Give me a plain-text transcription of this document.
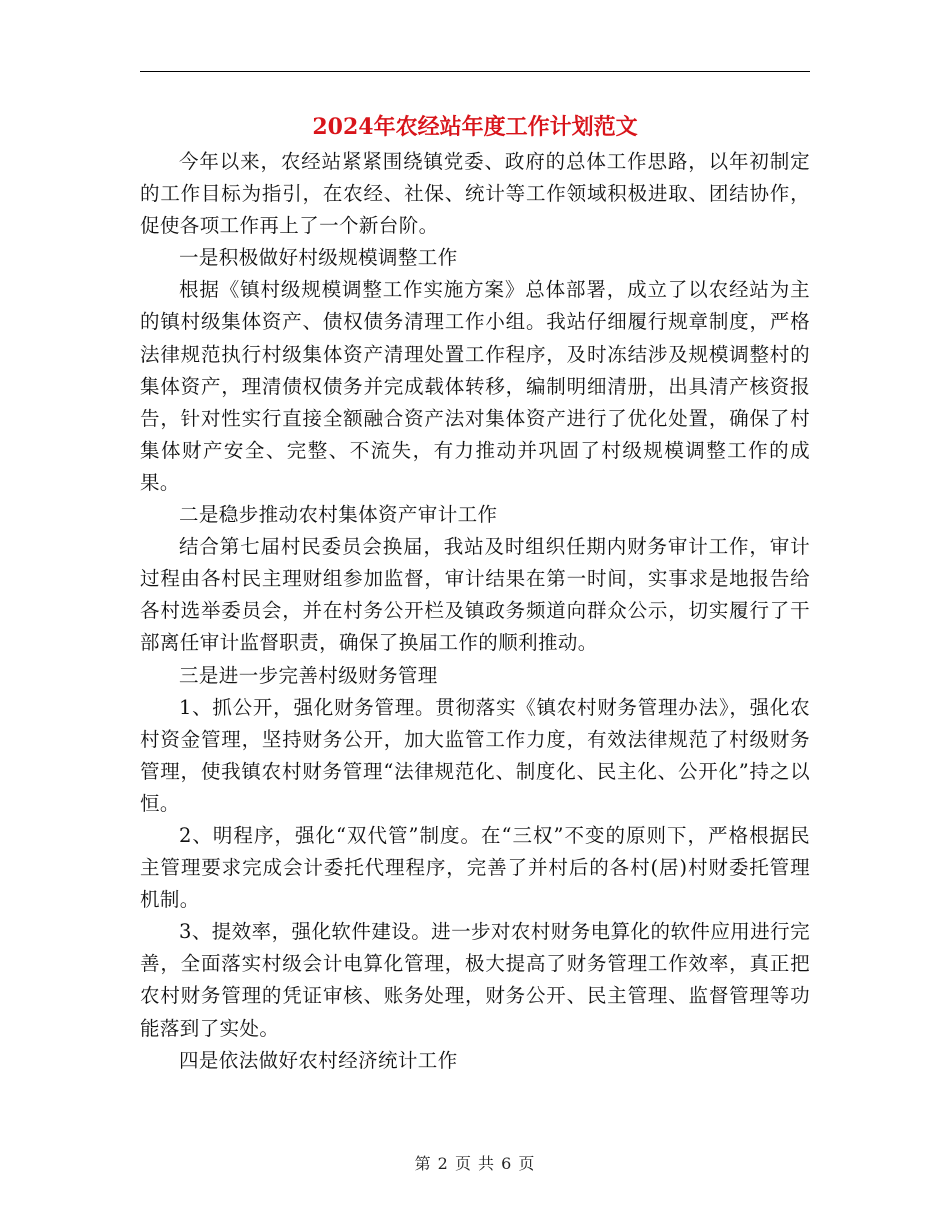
2024年农经站年度工作计划范文

今年以来，农经站紧紧围绕镇党委、政府的总体工作思路，以年初制定的工作目标为指引，在农经、社保、统计等工作领域积极进取、团结协作，促使各项工作再上了一个新台阶。

一是积极做好村级规模调整工作

根据《镇村级规模调整工作实施方案》总体部署，成立了以农经站为主的镇村级集体资产、债权债务清理工作小组。我站仔细履行规章制度，严格法律规范执行村级集体资产清理处置工作程序，及时冻结涉及规模调整村的集体资产，理清债权债务并完成载体转移，编制明细清册，出具清产核资报告，针对性实行直接全额融合资产法对集体资产进行了优化处置，确保了村集体财产安全、完整、不流失，有力推动并巩固了村级规模调整工作的成果。

二是稳步推动农村集体资产审计工作

结合第七届村民委员会换届，我站及时组织任期内财务审计工作，审计过程由各村民主理财组参加监督，审计结果在第一时间，实事求是地报告给各村选举委员会，并在村务公开栏及镇政务频道向群众公示，切实履行了干部离任审计监督职责，确保了换届工作的顺利推动。

三是进一步完善村级财务管理

1、抓公开，强化财务管理。贯彻落实《镇农村财务管理办法》，强化农村资金管理，坚持财务公开，加大监管工作力度，有效法律规范了村级财务管理，使我镇农村财务管理“法律规范化、制度化、民主化、公开化”持之以恒。

2、明程序，强化“双代管”制度。在“三权”不变的原则下，严格根据民主管理要求完成会计委托代理程序，完善了并村后的各村(居)村财委托管理机制。

3、提效率，强化软件建设。进一步对农村财务电算化的软件应用进行完善，全面落实村级会计电算化管理，极大提高了财务管理工作效率，真正把农村财务管理的凭证审核、账务处理，财务公开、民主管理、监督管理等功能落到了实处。

四是依法做好农村经济统计工作

第 2 页 共 6 页
